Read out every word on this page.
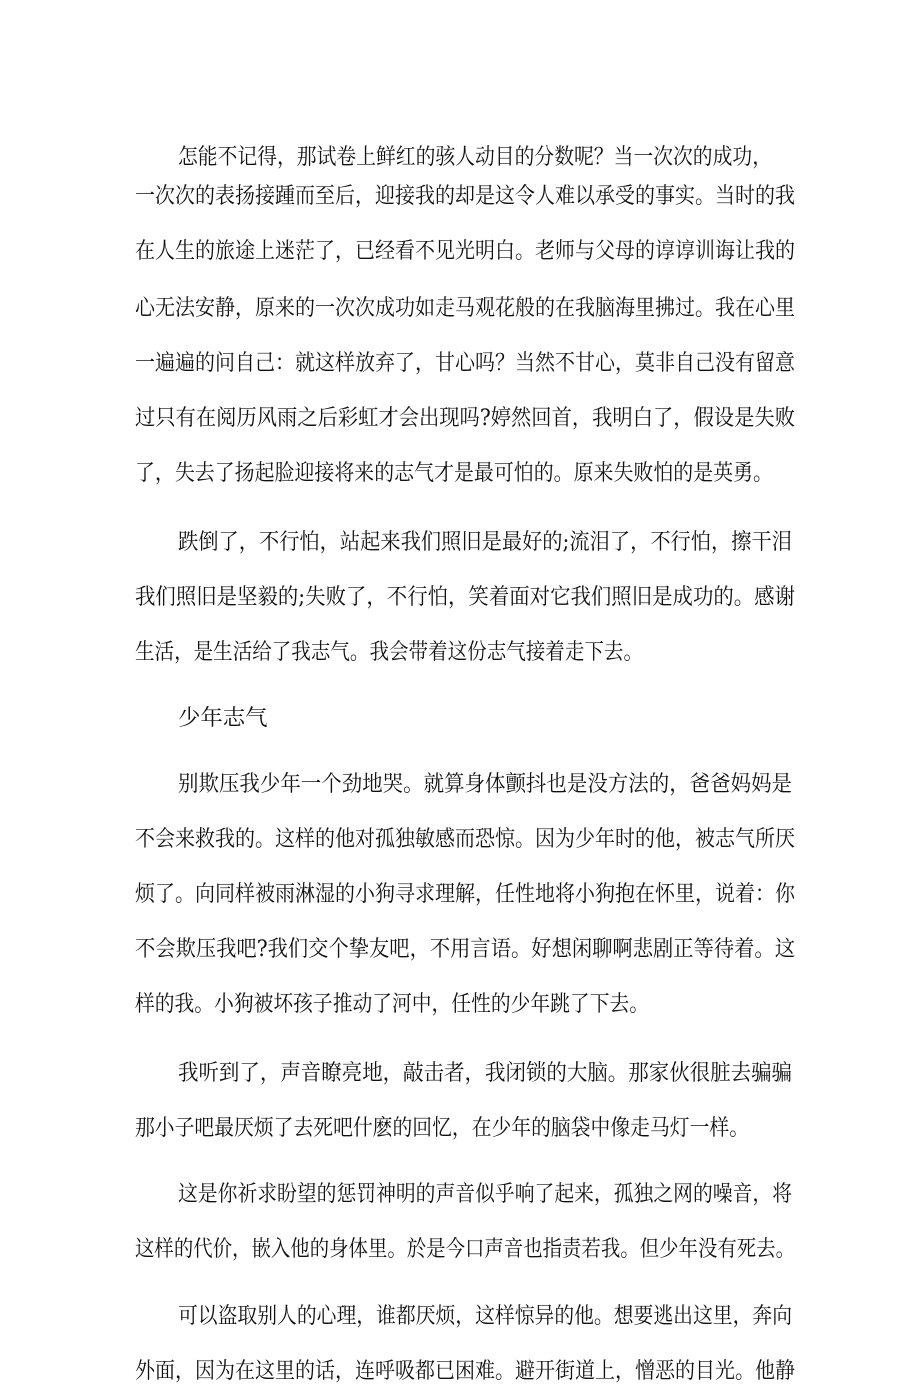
怎能不记得，那试卷上鲜红的骇人动目的分数呢？当一次次的成功，

一次次的表扬接踵而至后，迎接我的却是这令人难以承受的事实。当时的我

在人生的旅途上迷茫了，已经看不见光明白。老师与父母的谆谆训诲让我的

心无法安静，原来的一次次成功如走马观花般的在我脑海里拂过。我在心里

一遍遍的问自己：就这样放弃了，甘心吗？当然不甘心，莫非自己没有留意

过只有在阅历风雨之后彩虹才会出现吗?婷然回首，我明白了，假设是失败

了，失去了扬起脸迎接将来的志气才是最可怕的。原来失败怕的是英勇。

跌倒了，不行怕，站起来我们照旧是最好的;流泪了，不行怕，擦干泪

我们照旧是坚毅的;失败了，不行怕，笑着面对它我们照旧是成功的。感谢

生活，是生活给了我志气。我会带着这份志气接着走下去。

少年志气

别欺压我少年一个劲地哭。就算身体颤抖也是没方法的，爸爸妈妈是

不会来救我的。这样的他对孤独敏感而恐惊。因为少年时的他，被志气所厌

烦了。向同样被雨淋湿的小狗寻求理解，任性地将小狗抱在怀里，说着：你

不会欺压我吧?我们交个挚友吧，不用言语。好想闲聊啊悲剧正等待着。这

样的我。小狗被坏孩子推动了河中，任性的少年跳了下去。

我听到了，声音瞭亮地，敲击者，我闭锁的大脑。那家伙很脏去骗骗

那小子吧最厌烦了去死吧什麽的回忆，在少年的脑袋中像走马灯一样。

这是你祈求盼望的惩罚神明的声音似乎响了起来，孤独之网的噪音，将

这样的代价，嵌入他的身体里。於是今口声音也指责若我。但少年没有死去。

可以盗取别人的心理，谁都厌烦，这样惊异的他。想要逃出这里，奔向

外面，因为在这里的话，连呼吸都已困难。避开街道上，憎恶的目光。他静
